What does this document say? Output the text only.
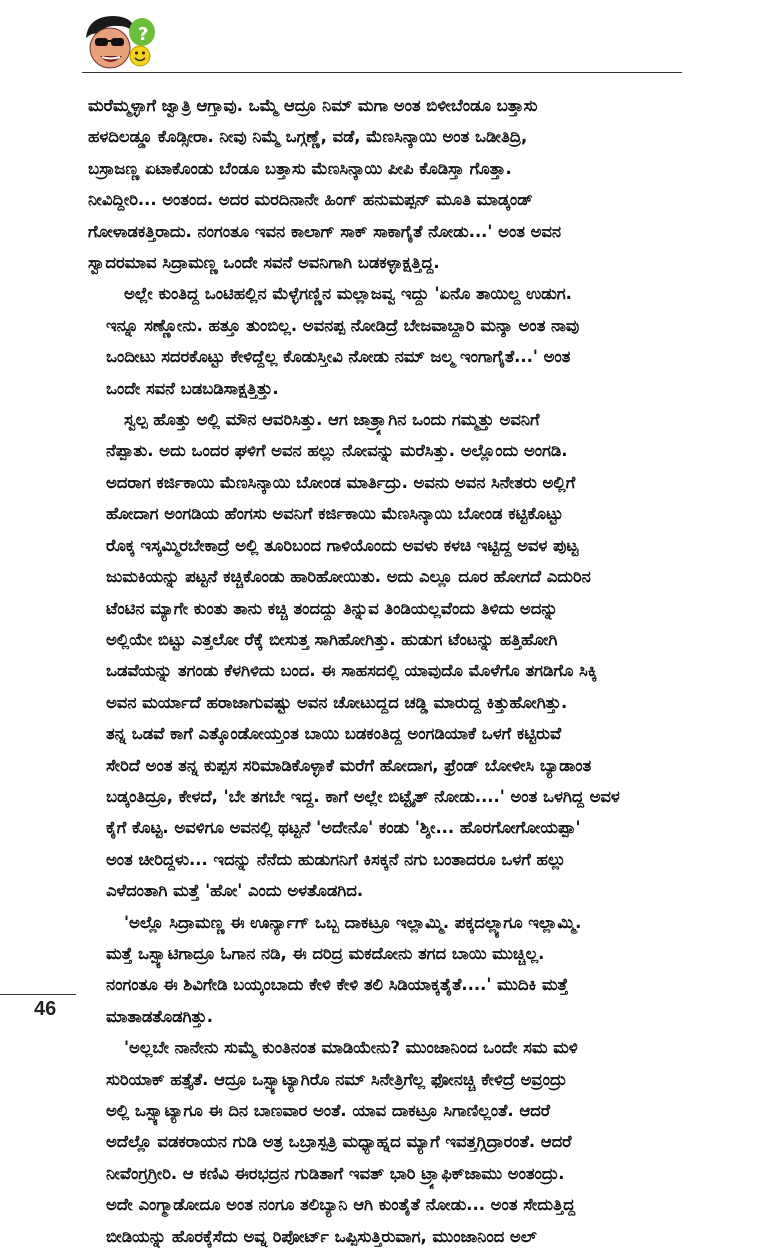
?

ಮರೆಮ್ಮಳ್ಳಾಗೆ ಜ್ವಾತ್ರಿ ಆಗ್ತಾವು. ಒಮ್ಮೆ ಆದ್ರೂ ನಿಮ್ ಮಗಾ ಅಂತ ಬಿಳೀಬೆಂಡೂ ಬತ್ತಾಸು
ಹಳದಿಲಡ್ಡೂ ಕೊಡ್ಸೀರಾ. ನೀವು ನಿಮ್ಮೆ ಒಗ್ಗಣ್ಣೆ, ವಡೆ, ಮೆಣಸಿನ್ಕಾಯಿ ಅಂತ ಒಡೀತಿದ್ರಿ,
ಬಸ್ರಾಜಣ್ಣ ಏಟಾಕೊಂಡು ಬೆಂಡೂ ಬತ್ತಾಸು ಮೆಣಸಿನ್ಕಾಯಿ ಪೀಪಿ ಕೊಡಿಸ್ತಾ ಗೊತ್ತಾ.
ನೀವಿದ್ದೀರಿ... ಅಂತಂದ. ಅದರ ಮರದಿನಾನೇ ಹಿಂಗ್ ಹನುಮಪ್ಪನ್ ಮೂತಿ ಮಾಡ್ಕಂಡ್
ಗೋಳಾಡಕತ್ತಿರಾದು. ನಂಗಂತೂ ಇವನ ಕಾಲಾಗ್ ಸಾಕ್ ಸಾಕಾಗೈತೆ ನೋಡು...' ಅಂತ ಅವನ
ಸ್ವಾದರಮಾವ ಸಿದ್ರಾಮಣ್ಣ ಒಂದೇ ಸವನೆ ಅವನಿಗಾಗಿ ಬಡಕಳ್ಳಾಕ್ಷತ್ತಿದ್ದ.

ಅಲ್ಲೇ ಕುಂತಿದ್ದ ಒಂಟಿಹಲ್ಲಿನ ಮೆಳ್ಳೆಗಣ್ಣಿನ ಮಲ್ಲಾಜವ್ವ ಇದ್ದು 'ಏನೊ ತಾಯಿಲ್ದ ಉಡುಗ.
ಇನ್ನೂ ಸಣ್ಣೋನು. ಹತ್ತೂ ತುಂಬಿಲ್ಲ. ಅವನಪ್ಪ ನೋಡಿದ್ರೆ ಬೇಜವಾಬ್ದಾರಿ ಮನ್ಶಾ ಅಂತ ನಾವು
ಒಂದೀಟು ಸದರಕೊಟ್ಟು ಕೇಳಿದ್ದೆಲ್ಲ ಕೊಡುಸ್ತೀವಿ ನೋಡು ನಮ್ ಜಲ್ಮ ಇಂಗಾಗೈತೆ...' ಅಂತ
ಒಂದೇ ಸವನೆ ಬಡಬಡಿಸಾಕ್ಷತ್ತಿತ್ತು.

ಸ್ವಲ್ಪ ಹೊತ್ತು ಅಲ್ಲಿ ಮೌನ ಆವರಿಸಿತ್ತು. ಆಗ ಜಾತ್ರ್ಯಾಗಿನ ಒಂದು ಗಮ್ಮತ್ತು ಅವನಿಗೆ
ನೆಪ್ಪಾತು. ಅದು ಒಂದರ ಘಳಿಗೆ ಅವನ ಹಲ್ಲು ನೋವನ್ನು ಮರೆಸಿತ್ತು. ಅಲ್ಲೊಂದು ಅಂಗಡಿ.
ಅದರಾಗ ಕರ್ಜಿಕಾಯಿ ಮೆಣಸಿನ್ಕಾಯಿ ಬೋಂಡ ಮಾರ್ತಿದ್ರು. ಅವನು ಅವನ ಸಿನೇತರು ಅಲ್ಲಿಗೆ
ಹೋದಾಗ ಅಂಗಡಿಯ ಹೆಂಗಸು ಅವನಿಗೆ ಕರ್ಜಿಕಾಯಿ ಮೆಣಸಿನ್ಕಾಯಿ ಬೋಂಡ ಕಟ್ಟಿಕೊಟ್ಟು
ರೊಕ್ಕ ಇಸ್ಕಮ್ಮಿರಬೇಕಾದ್ರೆ ಅಲ್ಲಿ ತೂರಿಬಂದ ಗಾಳಿಯೊಂದು ಅವಳು ಕಳಚಿ ಇಟ್ಟಿದ್ದ ಅವಳ ಪುಟ್ಟ
ಜುಮಕಿಯನ್ನು ಪಟ್ಟನೆ ಕಚ್ಚಿಕೊಂಡು ಹಾರಿಹೋಯಿತು. ಅದು ಎಲ್ಲೂ ದೂರ ಹೋಗದೆ ಎದುರಿನ
ಟೆಂಟಿನ ಮ್ಯಾಗೇ ಕುಂತು ತಾನು ಕಚ್ಚಿ ತಂದದ್ದು ತಿನ್ನುವ ತಿಂಡಿಯಲ್ಲವೆಂದು ತಿಳಿದು ಅದನ್ನು
ಅಲ್ಲಿಯೇ ಬಿಟ್ಟು ಎತ್ತಲೋ ರೆಕ್ಕೆ ಬೀಸುತ್ತ ಸಾಗಿಹೋಗಿತ್ತು. ಹುಡುಗ ಟೆಂಟನ್ನು ಹತ್ತಿಹೋಗಿ
ಒಡವೆಯನ್ನು ತಗಂಡು ಕೆಳಗಿಳಿದು ಬಂದ. ಈ ಸಾಹಸದಲ್ಲಿ ಯಾವುದೊ ಮೊಳೆಗೊ ತಗಡಿಗೊ ಸಿಕ್ಕಿ
ಅವನ ಮರ್ಯಾದೆ ಹರಾಜಾಗುವಷ್ಟು ಅವನ ಚೋಟುದ್ದದ ಚಡ್ಡಿ ಮಾರುದ್ದ ಕಿತ್ತುಹೋಗಿತ್ತು.
ತನ್ನ ಒಡವೆ ಕಾಗೆ ಎತ್ಕೊಂಡೋಯ್ತಂತ ಬಾಯಿ ಬಡಕಂತಿದ್ದ ಅಂಗಡಿಯಾಕೆ ಒಳಗೆ ಕಟ್ಟಿರುವೆ
ಸೇರಿದೆ ಅಂತ ತನ್ನ ಕುಪ್ಪಸ ಸರಿಮಾಡಿಕೊಳ್ಳಾಕೆ ಮರೆಗೆ ಹೋದಾಗ, ಫ್ರೆಂಡ್ ಬೋಳೀಸಿ ಬ್ಯಾಡಾಂತ
ಬಡ್ಕಂತಿದ್ರೂ, ಕೇಳದೆ, 'ಬೇ ತಗಬೇ ಇದ್ದ. ಕಾಗೆ ಅಲ್ಲೇ ಬಿಟ್ಟೈತ್ ನೋಡು....' ಅಂತ ಒಳಗಿದ್ದ ಅವಳ
ಕೈಗೆ ಕೊಟ್ಟ. ಅವಳಿಗೂ ಅವನಲ್ಲಿ ಥಟ್ಟನೆ 'ಅದೇನೊ' ಕಂಡು 'ಶ್ಶೀ... ಹೊರಗೋಗೋಯಪ್ಪಾ'
ಅಂತ ಚೀರಿದ್ದಳು... ಇದನ್ನು ನೆನೆದು ಹುಡುಗನಿಗೆ ಕಿಸಕ್ಕನೆ ನಗು ಬಂತಾದರೂ ಒಳಗೆ ಹಲ್ಲು
ಎಳೆದಂತಾಗಿ ಮತ್ತೆ 'ಹೋ' ಎಂದು ಅಳತೊಡಗಿದ.

'ಅಲ್ಲೊ ಸಿದ್ರಾಮಣ್ಣ ಈ ಊರ್ನ್ಯಾಗ್ ಒಬ್ಬ ದಾಕಟ್ರೂ ಇಲ್ಲಾಮ್ಮಿ. ಪಕ್ಕದಲ್ಲ್ಯಾಗೂ ಇಲ್ಲಾಮ್ಮಿ.
ಮತ್ತೆ ಒಸ್ಪ್ಯಾಟಿಗಾದ್ರೂ ಓಗಾನ ನಡಿ, ಈ ದರಿದ್ರ ಮಕದೋನು ತಗದ ಬಾಯಿ ಮುಚ್ಚಿಲ್ಲ.
ನಂಗಂತೂ ಈ ಶಿವಿಗೇಡಿ ಬಯ್ಕಂಬಾದು ಕೇಳಿ ಕೇಳಿ ತಲಿ ಸಿಡಿಯಾಕ್ಕತೈತೆ....' ಮುದಿಕಿ ಮತ್ತೆ
ಮಾತಾಡತೊಡಗಿತ್ತು.

'ಅಲ್ಲಬೇ ನಾನೇನು ಸುಮ್ಮೆ ಕುಂತಿನಂತ ಮಾಡಿಯೇನು? ಮುಂಜಾನಿಂದ ಒಂದೇ ಸಮ ಮಳಿ
ಸುರಿಯಾಕ್ ಹತ್ತೈತೆ. ಆದ್ರೂ ಒಸ್ಪ್ಯಾಟ್ಯಾಗಿರೊ ನಮ್ ಸಿನೇತ್ರಿಗೆಲ್ಲ ಫೋನಚ್ಚಿ ಕೇಳಿದ್ರೆ ಅವ್ರಂದ್ರು
ಅಲ್ಲಿ ಒಸ್ಪ್ಯಾಟ್ಯಾಗೂ ಈ ದಿನ ಬಾಣವಾರ ಅಂತೆ. ಯಾವ ದಾಕಟ್ರೂ ಸಿಗಾಣಿಲ್ಲಂತೆ. ಆದರೆ
ಅದೆಲ್ಲೊ ವಡಕರಾಯನ ಗುಡಿ ಅತ್ರ ಒಬ್ರಾಸ್ಪತ್ರಿ ಮಧ್ಯಾಹ್ನದ ಮ್ಯಾಗೆ ಇವತ್ತಗ್ಗಿದ್ರಾರಂತೆ. ಆದರೆ
ನೀವೆಂಗ್ರಗ್ರೀರಿ. ಆ ಕಣಿವಿ ಈರಭದ್ರನ ಗುಡಿತಾಗೆ ಇವತ್ ಭಾರಿ ಟ್ರ್ಯಾಫಿಕ್‌ಜಾಮು ಅಂತಂದ್ರು.
ಅದೇ ಎಂಗ್ಮಾಡೋದೂ ಅಂತ ನಂಗೂ ತಲಿಬ್ಯಾನಿ ಆಗಿ ಕುಂತೈತೆ ನೋಡು... ಅಂತ ಸೇದುತ್ತಿದ್ದ
ಬೀಡಿಯನ್ನು ಹೊರಕ್ಕೆಸೆದು ಅವ್ನ ರಿಪೋರ್ಟ್ ಒಪ್ಪಿಸುತ್ತಿರುವಾಗ, ಮುಂಜಾನಿಂದ ಅಲ್

46
